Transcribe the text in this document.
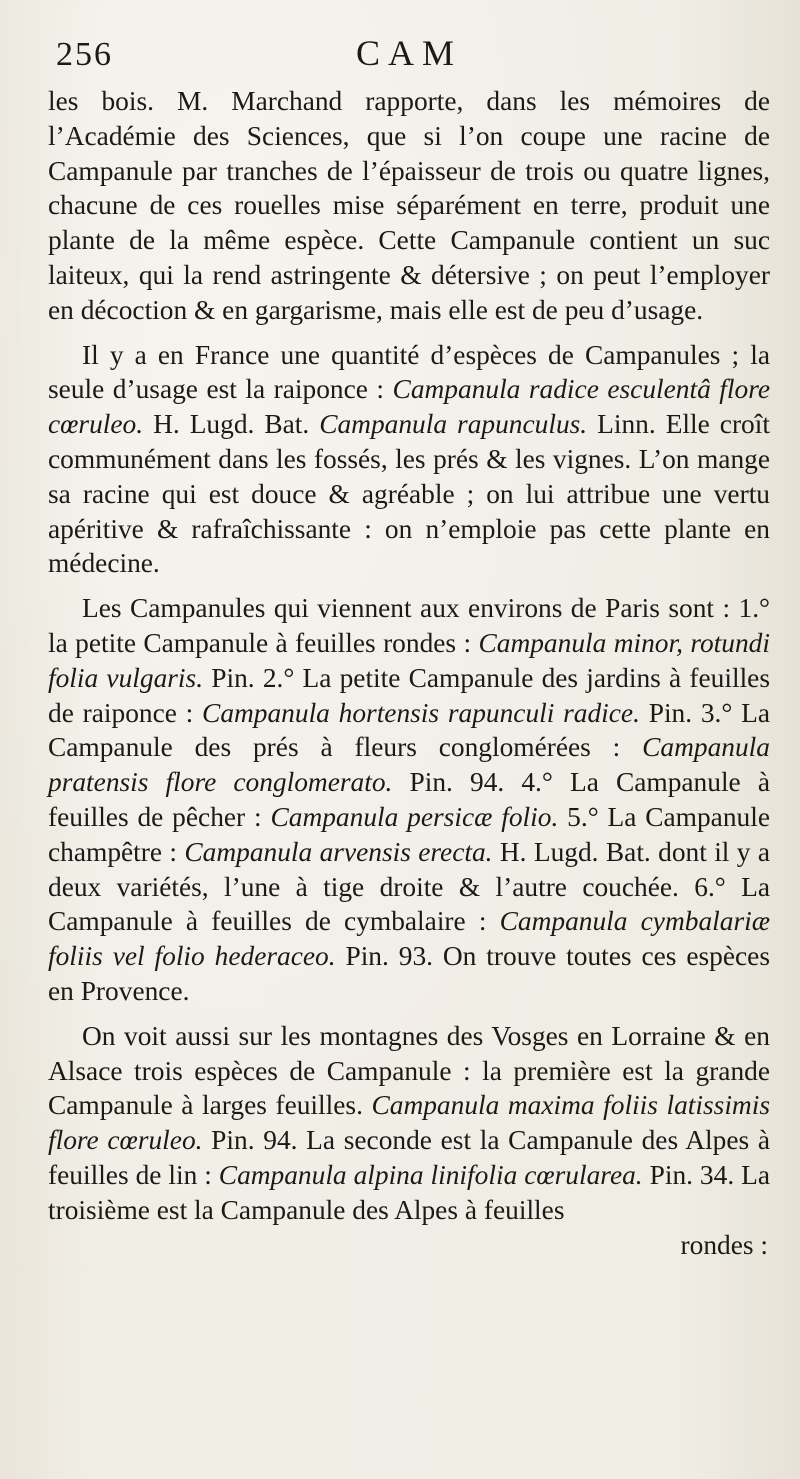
256	CAM

les bois. M. Marchand rapporte, dans les mémoires de l’Académie des Sciences, que si l’on coupe une racine de Campanule par tranches de l’épaisseur de trois ou quatre lignes, chacune de ces rouelles mise séparément en terre, produit une plante de la même espèce. Cette Campanule contient un suc laiteux, qui la rend astringente & détersive ; on peut l’employer en décoction & en gargarisme, mais elle est de peu d’usage.

Il y a en France une quantité d’espèces de Campanules ; la seule d’usage est la raiponce : Campanula radice esculentâ flore cœruleo. H. Lugd. Bat. Campanula rapunculus. Linn. Elle croît communément dans les fossés, les prés & les vignes. L’on mange sa racine qui est douce & agréable ; on lui attribue une vertu apéritive & rafraîchissante : on n’emploie pas cette plante en médecine.

Les Campanules qui viennent aux environs de Paris sont : 1.° la petite Campanule à feuilles rondes : Campanula minor, rotundi folia vulgaris. Pin. 2.° La petite Campanule des jardins à feuilles de raiponce : Campanula hortensis rapunculi radice. Pin. 3.° La Campanule des prés à fleurs conglomérées : Campanula pratensis flore conglomerato. Pin. 94. 4.° La Campanule à feuilles de pêcher : Campanula persicæ folio. 5.° La Campanule champêtre : Campanula arvensis erecta. H. Lugd. Bat. dont il y a deux variétés, l’une à tige droite & l’autre couchée. 6.° La Campanule à feuilles de cymbalaire : Campanula cymbalariæ foliis vel folio hederaceo. Pin. 93. On trouve toutes ces espèces en Provence.

On voit aussi sur les montagnes des Vosges en Lorraine & en Alsace trois espèces de Campanule : la première est la grande Campanule à larges feuilles. Campanula maxima foliis latissimis flore cœruleo. Pin. 94. La seconde est la Campanule des Alpes à feuilles de lin : Campanula alpina linifolia cœrularea. Pin. 34. La troisième est la Campanule des Alpes à feuilles

rondes :
